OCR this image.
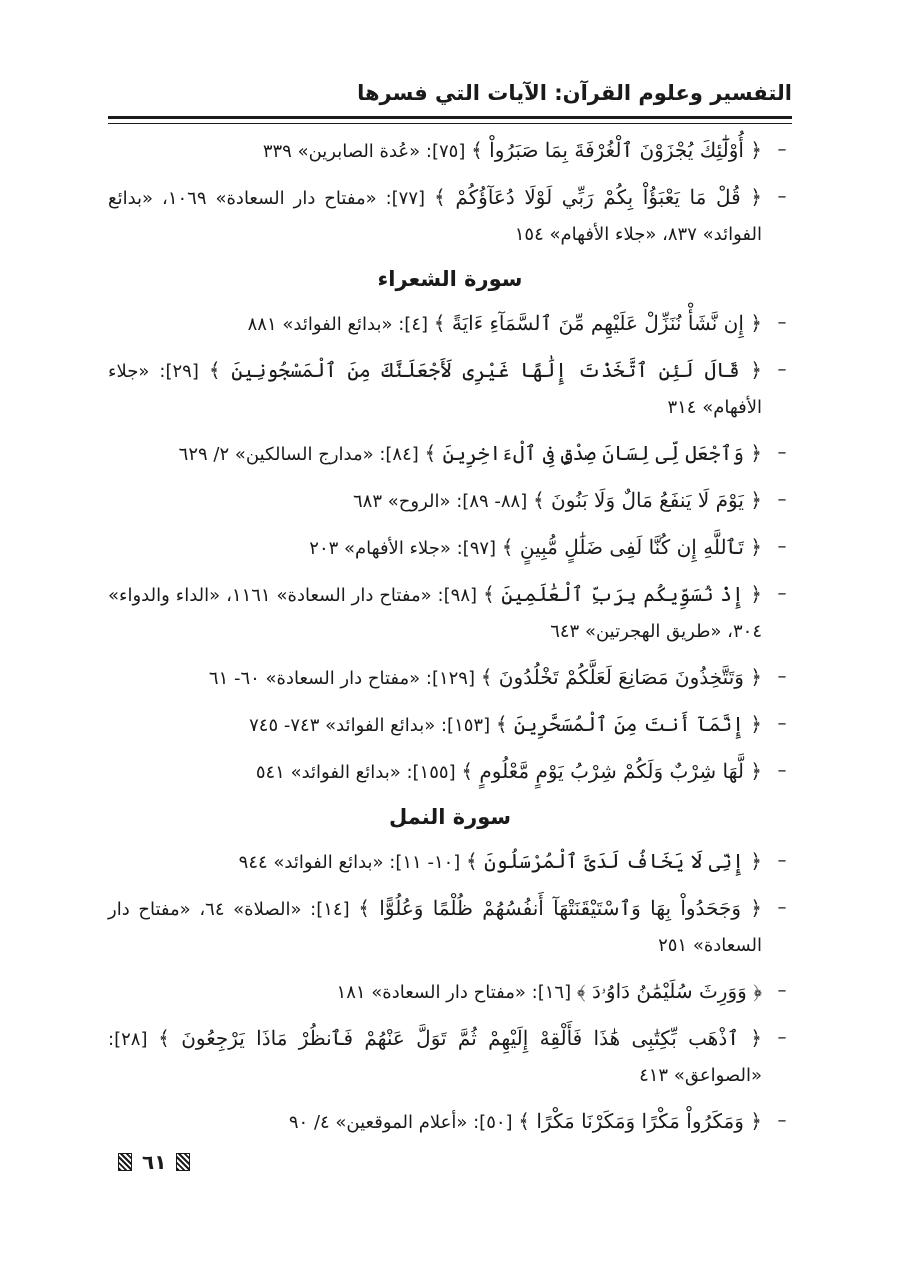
التفسير وعلوم القرآن: الآيات التي فسرها
–
﴿ أُوْلَٰٓئِكَ يُجْزَوْنَ ٱلْغُرْفَةَ بِمَا صَبَرُواْ ﴾ [٧٥]: «عُدة الصابرين» ٣٣٩
–
﴿ قُلْ مَا يَعْبَؤُاْ بِكُمْ رَبِّي لَوْلَا دُعَآؤُكُمْ ﴾ [٧٧]: «مفتاح دار السعادة» ١٠٦٩، «بدائع الفوائد» ٨٣٧، «جلاء الأفهام» ١٥٤
سورة الشعراء
–
﴿ إِن نَّشَأْ نُنَزِّلْ عَلَيْهِم مِّنَ ٱلسَّمَآءِ ءَايَةً ﴾ [٤]: «بدائع الفوائد» ٨٨١
–
﴿ قَالَ لَئِنِ ٱتَّخَذْتَ إِلَٰهًا غَيْرِى لَأَجْعَلَنَّكَ مِنَ ٱلْمَسْجُونِينَ ﴾ [٢٩]: «جلاء الأفهام» ٣١٤
–
﴿ وَٱجْعَل لِّى لِسَانَ صِدْقٍ فِى ٱلْءَاخِرِينَ ﴾ [٨٤]: «مدارج السالكين» ٢/ ٦٢٩
–
﴿ يَوْمَ لَا يَنفَعُ مَالٌ وَلَا بَنُونَ ﴾ [٨٨- ٨٩]: «الروح» ٦٨٣
–
﴿ تَٱللَّهِ إِن كُنَّا لَفِى ضَلَٰلٍ مُّبِينٍ ﴾ [٩٧]: «جلاء الأفهام» ٢٠٣
–
﴿ إِذْ نُسَوِّيكُم بِرَبِّ ٱلْعَٰلَمِينَ ﴾ [٩٨]: «مفتاح دار السعادة» ١١٦١، «الداء والدواء» ٣٠٤، «طريق الهجرتين» ٦٤٣
–
﴿ وَتَتَّخِذُونَ مَصَانِعَ لَعَلَّكُمْ تَخْلُدُونَ ﴾ [١٢٩]: «مفتاح دار السعادة» ٦٠- ٦١
–
﴿ إِنَّمَآ أَنتَ مِنَ ٱلْمُسَحَّرِينَ ﴾ [١٥٣]: «بدائع الفوائد» ٧٤٣- ٧٤٥
–
﴿ لَّهَا شِرْبٌ وَلَكُمْ شِرْبُ يَوْمٍ مَّعْلُومٍ ﴾ [١٥٥]: «بدائع الفوائد» ٥٤١
سورة النمل
–
﴿ إِنِّى لَا يَخَافُ لَدَىَّ ٱلْمُرْسَلُونَ ﴾ [١٠- ١١]: «بدائع الفوائد» ٩٤٤
–
﴿ وَجَحَدُواْ بِهَا وَٱسْتَيْقَنَتْهَآ أَنفُسُهُمْ ظُلْمًا وَعُلُوًّا ﴾ [١٤]: «الصلاة» ٦٤، «مفتاح دار السعادة» ٢٥١
–
﴿ وَوَرِثَ سُلَيْمَٰنُ دَاوُۥدَ ﴾ [١٦]: «مفتاح دار السعادة» ١٨١
–
﴿ ٱذْهَب بِّكِتَٰبِى هَٰذَا فَأَلْقِهْ إِلَيْهِمْ ثُمَّ تَوَلَّ عَنْهُمْ فَٱنظُرْ مَاذَا يَرْجِعُونَ ﴾ [٢٨]: «الصواعق» ٤١٣
–
﴿ وَمَكَرُواْ مَكْرًا وَمَكَرْنَا مَكْرًا ﴾ [٥٠]: «أعلام الموقعين» ٤/ ٩٠
٦١
